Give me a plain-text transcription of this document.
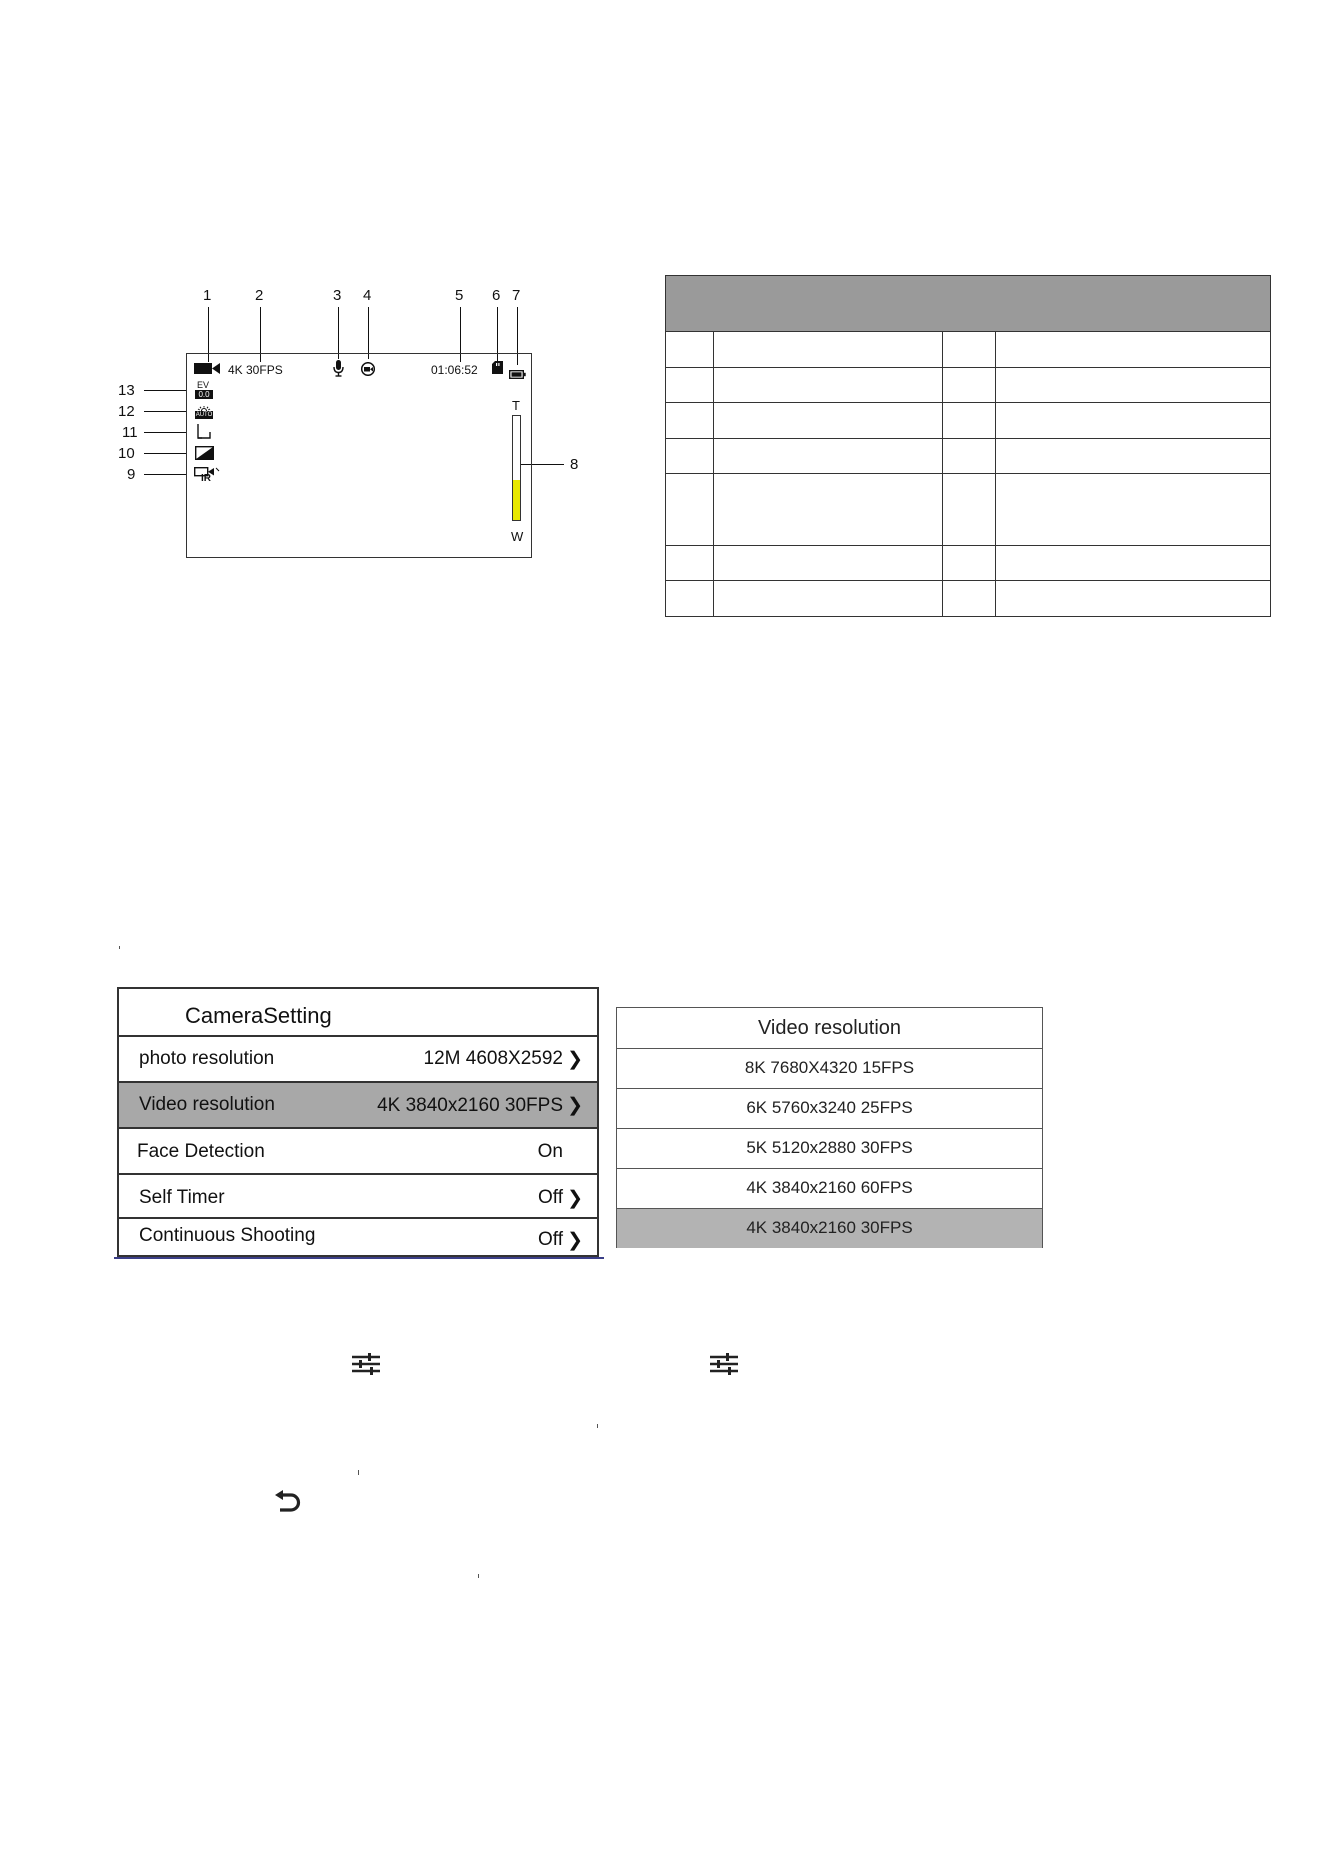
1	2	3 4	5 6 7
13
12
11
10
9
8
4K 30FPS	01:06:52
EV
0.0
AUTO
IR
T
W
CameraSetting
photo resolution	12M 4608X2592 ❯
Video resolution	4K 3840x2160 30FPS ❯
Face Detection	On
Self Timer	Off ❯
Continuous Shooting	Off ❯
Video resolution
8K 7680X4320 15FPS
6K 5760x3240 25FPS
5K 5120x2880 30FPS
4K 3840x2160 60FPS
4K 3840x2160 30FPS
